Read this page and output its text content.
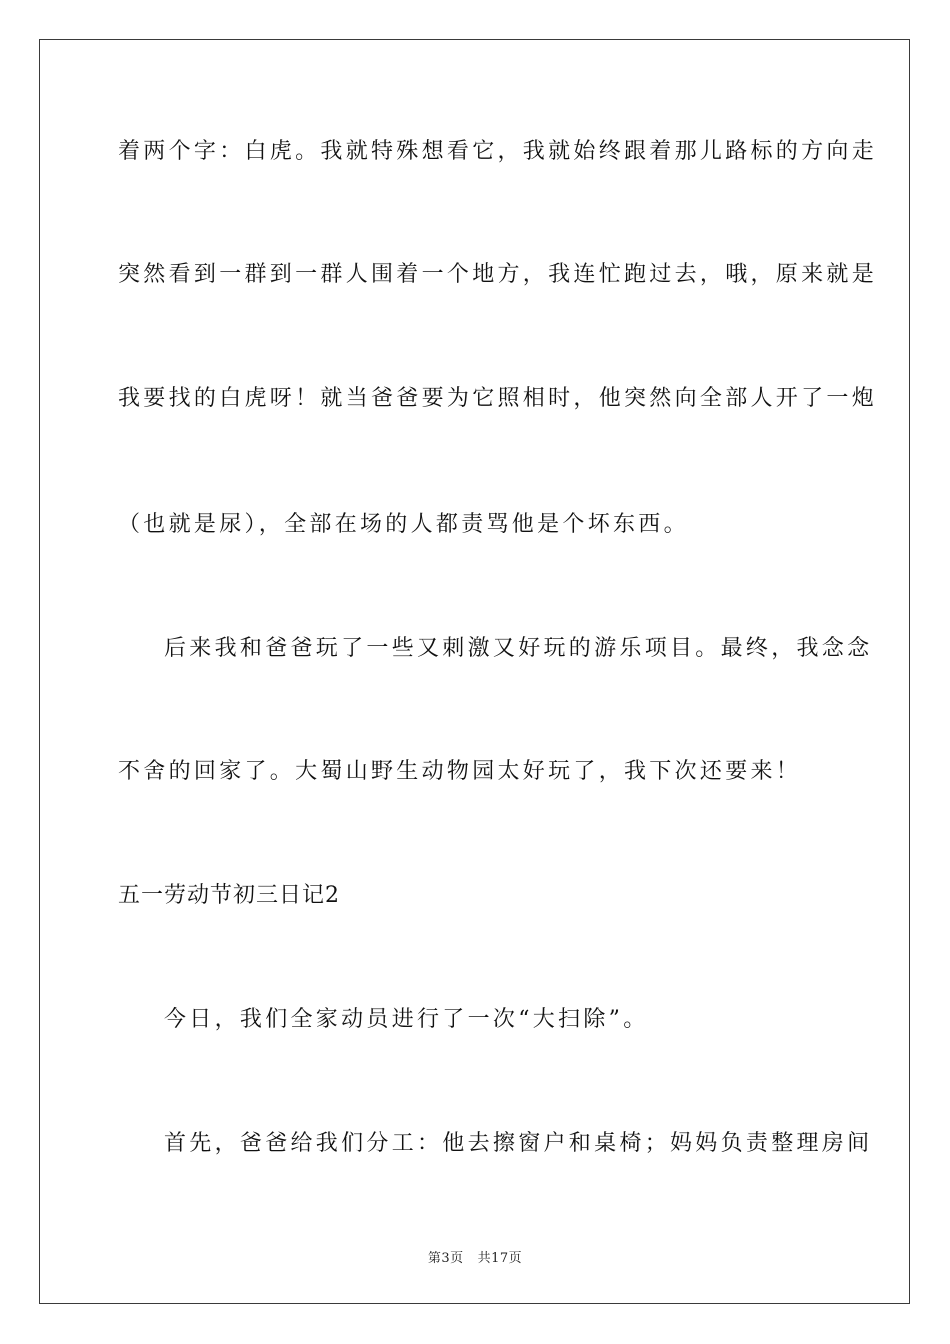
着两个字：白虎。我就特殊想看它，我就始终跟着那儿路标的方向走
突然看到一群到一群人围着一个地方，我连忙跑过去，哦，原来就是
我要找的白虎呀！就当爸爸要为它照相时，他突然向全部人开了一炮
（也就是尿），全部在场的人都责骂他是个坏东西。
后来我和爸爸玩了一些又刺激又好玩的游乐项目。最终，我念念
不舍的回家了。大蜀山野生动物园太好玩了，我下次还要来！
五一劳动节初三日记2
今日，我们全家动员进行了一次“大扫除”。
首先，爸爸给我们分工：他去擦窗户和桌椅；妈妈负责整理房间
第3页 共17页
